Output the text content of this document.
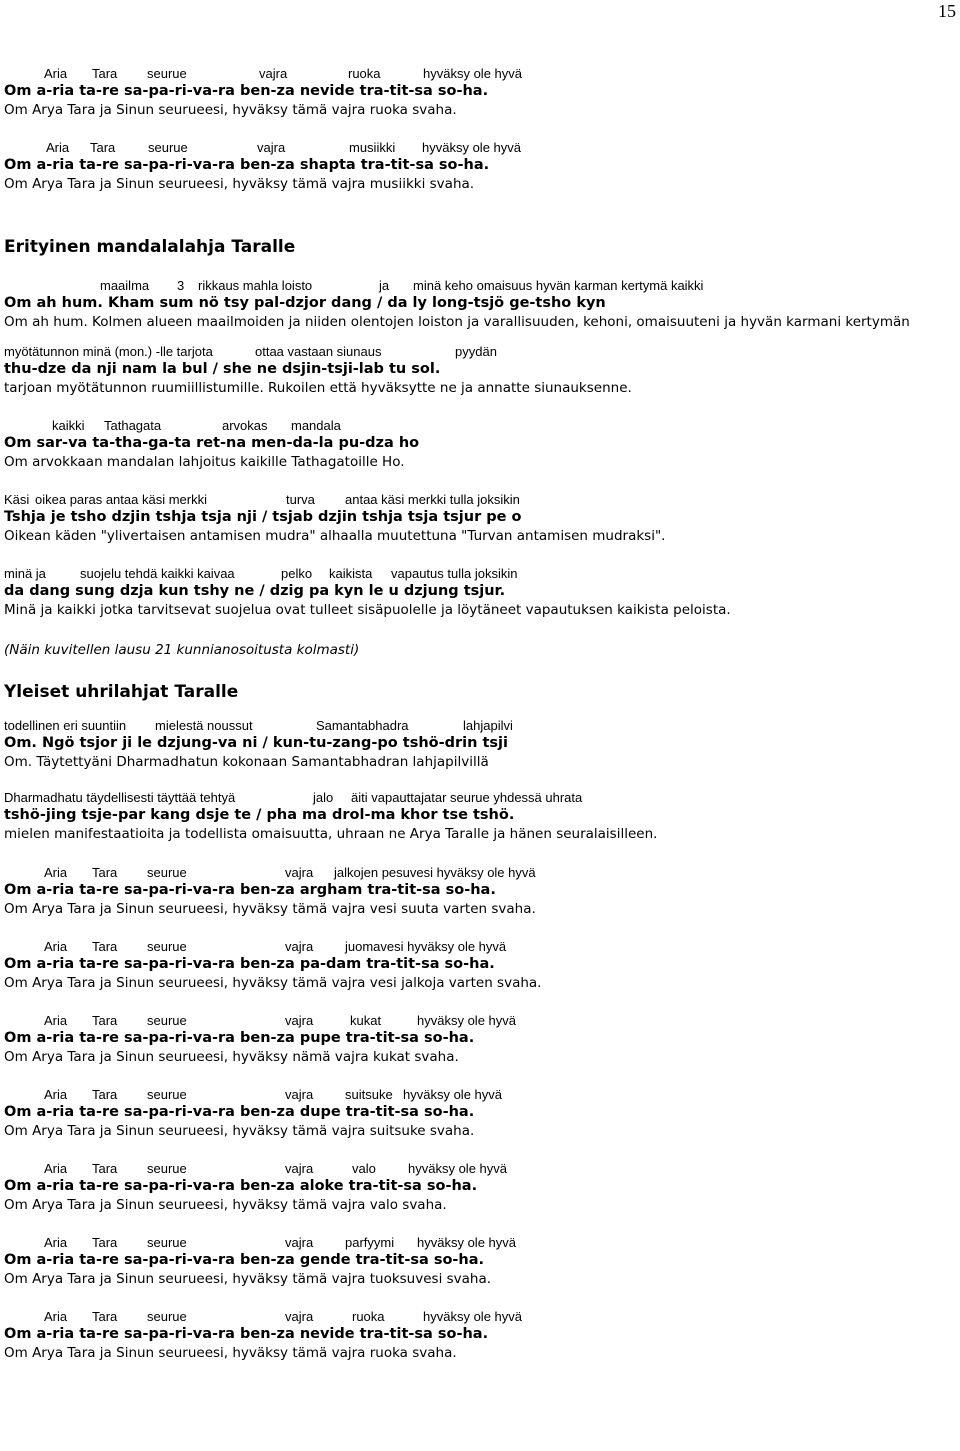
15
Aria Tara seurue	vajra	ruoka	hyväksy ole hyvä
Om a-ria ta-re sa-pa-ri-va-ra ben-za nevide tra-tit-sa so-ha.
Om Arya Tara ja Sinun seurueesi, hyväksy tämä vajra ruoka svaha.
Aria Tara	seurue	vajra	musiikki hyväksy ole hyvä
Om a-ria ta-re sa-pa-ri-va-ra ben-za shapta tra-tit-sa so-ha.
Om Arya Tara ja Sinun seurueesi, hyväksy tämä vajra musiikki svaha.
Erityinen mandalalahja Taralle
maailma 3 rikkaus mahla loisto	ja minä keho omaisuus hyvän karman kertymä kaikki
Om ah hum. Kham sum nö tsy pal-dzjor dang / da ly long-tsjö ge-tsho kyn
Om ah hum. Kolmen alueen maailmoiden ja niiden olentojen loiston ja varallisuuden, kehoni, omaisuuteni ja hyvän karmani kertymän
myötätunnon minä (mon.) -lle tarjota	ottaa vastaan siunaus	pyydän
thu-dze da nji nam la bul / she ne dsjin-tsji-lab tu sol.
tarjoan myötätunnon ruumiillistumille. Rukoilen että hyväksytte ne ja annatte siunauksenne.
kaikki Tathagata	arvokas mandala
Om sar-va ta-tha-ga-ta ret-na men-da-la pu-dza ho
Om arvokkaan mandalan lahjoitus kaikille Tathagatoille Ho.
Käsi oikea paras antaa käsi merkki	turva antaa käsi merkki tulla joksikin
Tshja je tsho dzjin tshja tsja nji / tsjab dzjin tshja tsja tsjur pe o
Oikean käden "ylivertaisen antamisen mudra" alhaalla muutettuna "Turvan antamisen mudraksi".
minä ja	suojelu tehdä kaikki kaivaa	pelko kaikista vapautus tulla joksikin
da dang sung dzja kun tshy ne / dzig pa kyn le u dzjung tsjur.
Minä ja kaikki jotka tarvitsevat suojelua ovat tulleet sisäpuolelle ja löytäneet vapautuksen kaikista peloista.
(Näin kuvitellen lausu 21 kunnianosoitusta kolmasti)
Yleiset uhrilahjat Taralle
todellinen eri suuntiin mielestä noussut	Samantabhadra	lahjapilvi
Om. Ngö tsjor ji le dzjung-va ni / kun-tu-zang-po tshö-drin tsji
Om. Täytettyäni Dharmadhatun kokonaan Samantabhadran lahjapilvillä
Dharmadhatu täydellisesti täyttää tehtyä	jalo äiti vapauttajatar seurue yhdessä uhrata
tshö-jing tsje-par kang dsje te / pha ma drol-ma khor tse tshö.
mielen manifestaatioita ja todellista omaisuutta, uhraan ne Arya Taralle ja hänen seuralaisilleen.
Aria Tara seurue	vajra jalkojen pesuvesi hyväksy ole hyvä
Om a-ria ta-re sa-pa-ri-va-ra ben-za argham tra-tit-sa so-ha.
Om Arya Tara ja Sinun seurueesi, hyväksy tämä vajra vesi suuta varten svaha.
Aria Tara seurue	vajra juomavesi hyväksy ole hyvä
Om a-ria ta-re sa-pa-ri-va-ra ben-za pa-dam tra-tit-sa so-ha.
Om Arya Tara ja Sinun seurueesi, hyväksy tämä vajra vesi jalkoja varten svaha.
Aria Tara seurue	vajra	kukat	hyväksy ole hyvä
Om a-ria ta-re sa-pa-ri-va-ra ben-za pupe tra-tit-sa so-ha.
Om Arya Tara ja Sinun seurueesi, hyväksy nämä vajra kukat svaha.
Aria Tara seurue	vajra suitsuke hyväksy ole hyvä
Om a-ria ta-re sa-pa-ri-va-ra ben-za dupe tra-tit-sa so-ha.
Om Arya Tara ja Sinun seurueesi, hyväksy tämä vajra suitsuke svaha.
Aria Tara seurue	vajra	valo hyväksy ole hyvä
Om a-ria ta-re sa-pa-ri-va-ra ben-za aloke tra-tit-sa so-ha.
Om Arya Tara ja Sinun seurueesi, hyväksy tämä vajra valo svaha.
Aria Tara seurue	vajra parfyymi hyväksy ole hyvä
Om a-ria ta-re sa-pa-ri-va-ra ben-za gende tra-tit-sa so-ha.
Om Arya Tara ja Sinun seurueesi, hyväksy tämä vajra tuoksuvesi svaha.
Aria Tara seurue	vajra	ruoka	hyväksy ole hyvä
Om a-ria ta-re sa-pa-ri-va-ra ben-za nevide tra-tit-sa so-ha.
Om Arya Tara ja Sinun seurueesi, hyväksy tämä vajra ruoka svaha.
